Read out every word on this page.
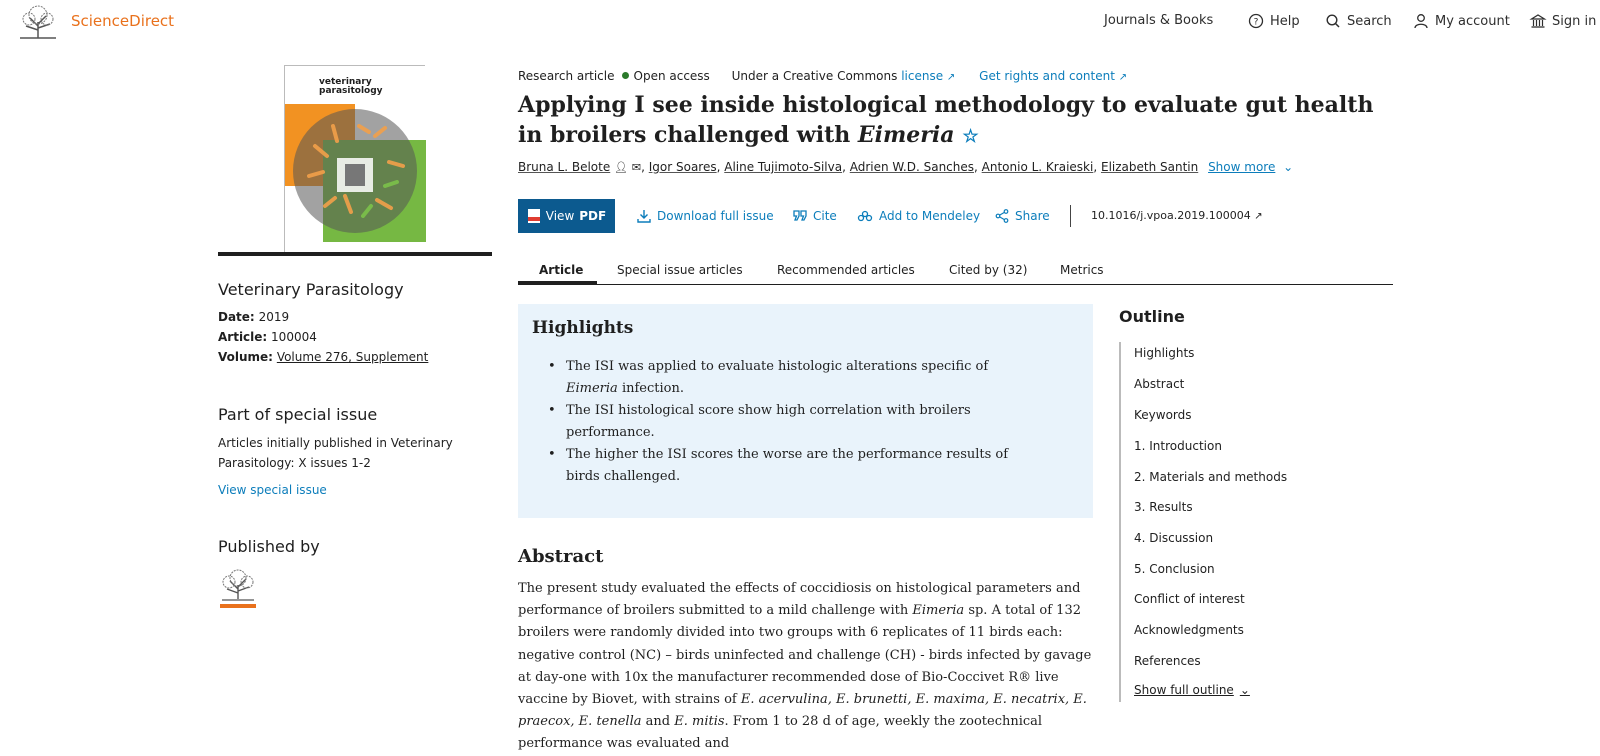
ScienceDirect	Journals & Books	? Help	Search	My account	Sign in
veterinary parasitology
Veterinary Parasitology
Date: 2019
Article: 100004
Volume: Volume 276, Supplement
Part of special issue
Articles initially published in Veterinary Parasitology: X issues 1-2
View special issue
Published by
Research article Open access Under a Creative Commons license ↗ Get rights and content ↗
Applying I see inside histological methodology to evaluate gut health in broilers challenged with Eimeria ☆
Bruna L. Belote 👤︎ ✉, Igor Soares, Aline Tujimoto-Silva, Adrien W.D. Sanches, Antonio L. Kraieski, Elizabeth Santin Show more ⌄
View PDF	Download full issue	Cite	Add to Mendeley	Share	10.1016/j.vpoa.2019.100004 ↗
Article	Special issue articles	Recommended articles	Cited by (32)	Metrics
Highlights
• The ISI was applied to evaluate histologic alterations specific of Eimeria infection.
• The ISI histological score show high correlation with broilers performance.
• The higher the ISI scores the worse are the performance results of birds challenged.
Abstract

The present study evaluated the effects of coccidiosis on histological parameters and performance of broilers submitted to a mild challenge with Eimeria sp. A total of 132 broilers were randomly divided into two groups with 6 replicates of 11 birds each: negative control (NC) – birds uninfected and challenge (CH) - birds infected by gavage at day-one with 10x the manufacturer recommended dose of Bio-Coccivet R® live vaccine by Biovet, with strains of E. acervulina, E. brunetti, E. maxima, E. necatrix, E. praecox, E. tenella and E. mitis. From 1 to 28 d of age, weekly the zootechnical performance was evaluated and

Outline
Highlights
Abstract
Keywords
1. Introduction
2. Materials and methods
3. Results
4. Discussion
5. Conclusion
Conflict of interest
Acknowledgments
References
Show full outline ⌄
